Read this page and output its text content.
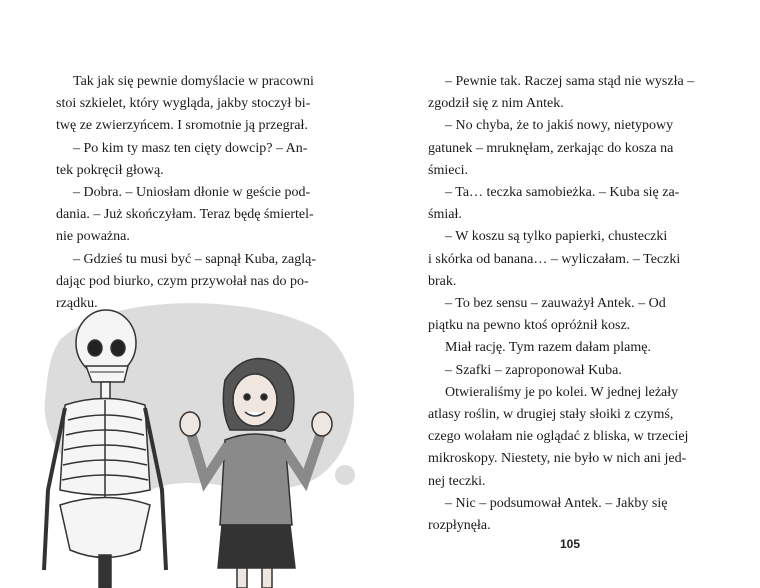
Tak jak się pewnie domyślacie w pracowni

stoi szkielet, który wygląda, jakby stoczył bi-

twę ze zwierzyńcem. I sromotnie ją przegrał.

– Po kim ty masz ten cięty dowcip? – An-

tek pokręcił głową.

– Dobra. – Uniosłam dłonie w geście pod-

dania. – Już skończyłam. Teraz będę śmiertel-

nie poważna.

– Gdzieś tu musi być – sapnął Kuba, zaglą-

dając pod biurko, czym przywołał nas do po-

rządku.

– Pewnie tak. Raczej sama stąd nie wyszła –

zgodził się z nim Antek.

– No chyba, że to jakiś nowy, nietypowy

gatunek – mruknęłam, zerkając do kosza na

śmieci.

– Ta… teczka samobieżka. – Kuba się za-

śmiał.

– W koszu są tylko papierki, chusteczki

i skórka od banana… – wyliczałam. – Teczki

brak.

– To bez sensu – zauważył Antek. – Od

piątku na pewno ktoś opróżnił kosz.

Miał rację. Tym razem dałam plamę.

– Szafki – zaproponował Kuba.

Otwieraliśmy je po kolei. W jednej leżały

atlasy roślin, w drugiej stały słoiki z czymś,

czego wolałam nie oglądać z bliska, w trzeciej

mikroskopy. Niestety, nie było w nich ani jed-

nej teczki.

– Nic – podsumował Antek. – Jakby się

rozpłynęła.

105
